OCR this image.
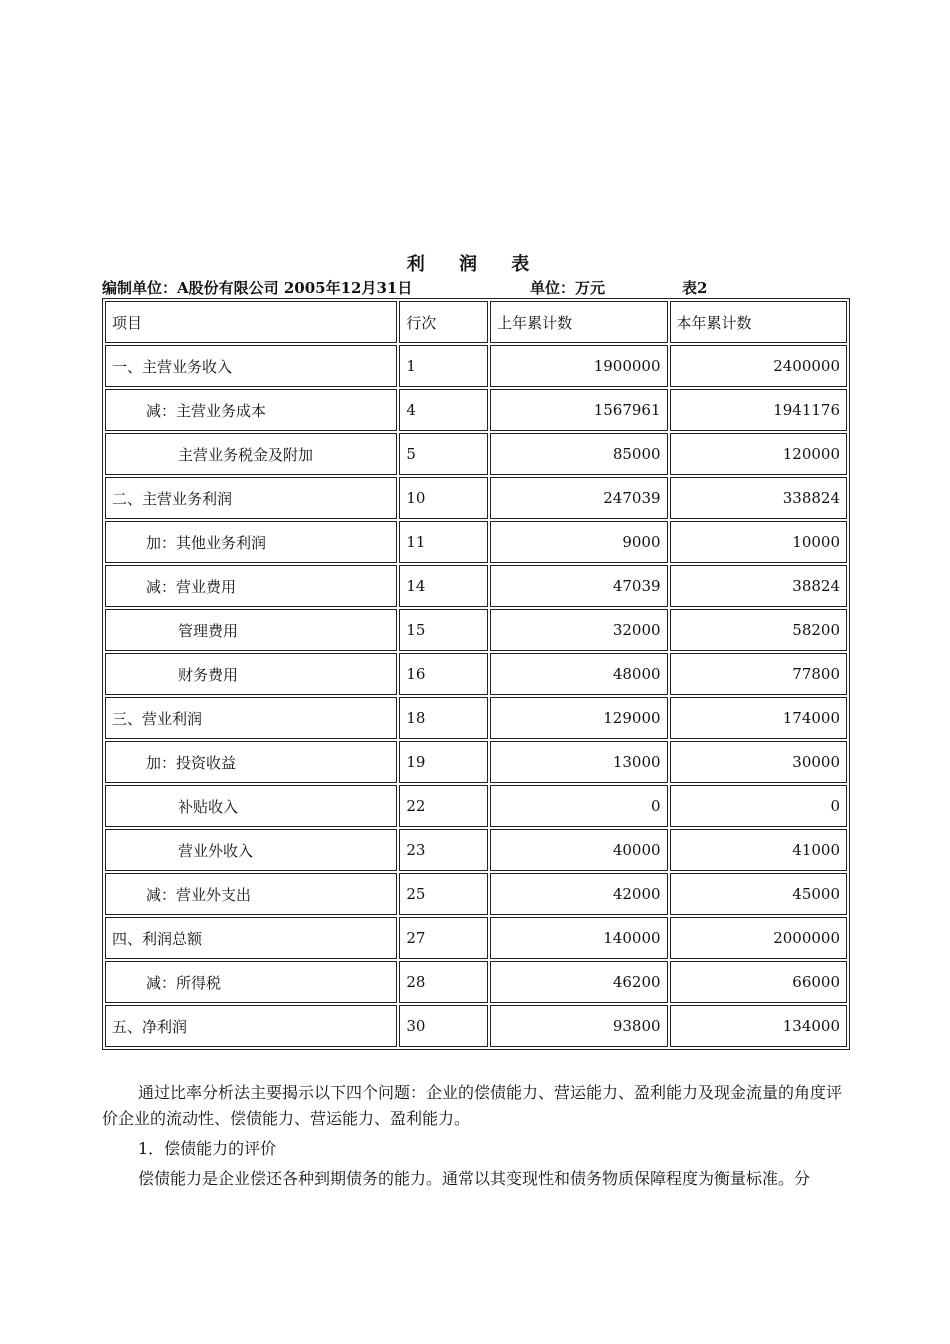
利 润 表
编制单位：A股份有限公司 2005年12月31日	单位：万元	表2
项目	行次	上年累计数	本年累计数
一、主营业务收入	1	1900000	2400000
减：主营业务成本	4	1567961	1941176
主营业务税金及附加	5	85000	120000
二、主营业务利润	10	247039	338824
加：其他业务利润	11	9000	10000
减：营业费用	14	47039	38824
管理费用	15	32000	58200
财务费用	16	48000	77800
三、营业利润	18	129000	174000
加：投资收益	19	13000	30000
补贴收入	22	0	0
营业外收入	23	40000	41000
减：营业外支出	25	42000	45000
四、利润总额	27	140000	2000000
减：所得税	28	46200	66000
五、净利润	30	93800	134000

通过比率分析法主要揭示以下四个问题：企业的偿债能力、营运能力、盈利能力及现金流量的角度评价企业的流动性、偿债能力、营运能力、盈利能力。

1．偿债能力的评价

偿债能力是企业偿还各种到期债务的能力。通常以其变现性和债务物质保障程度为衡量标准。分
